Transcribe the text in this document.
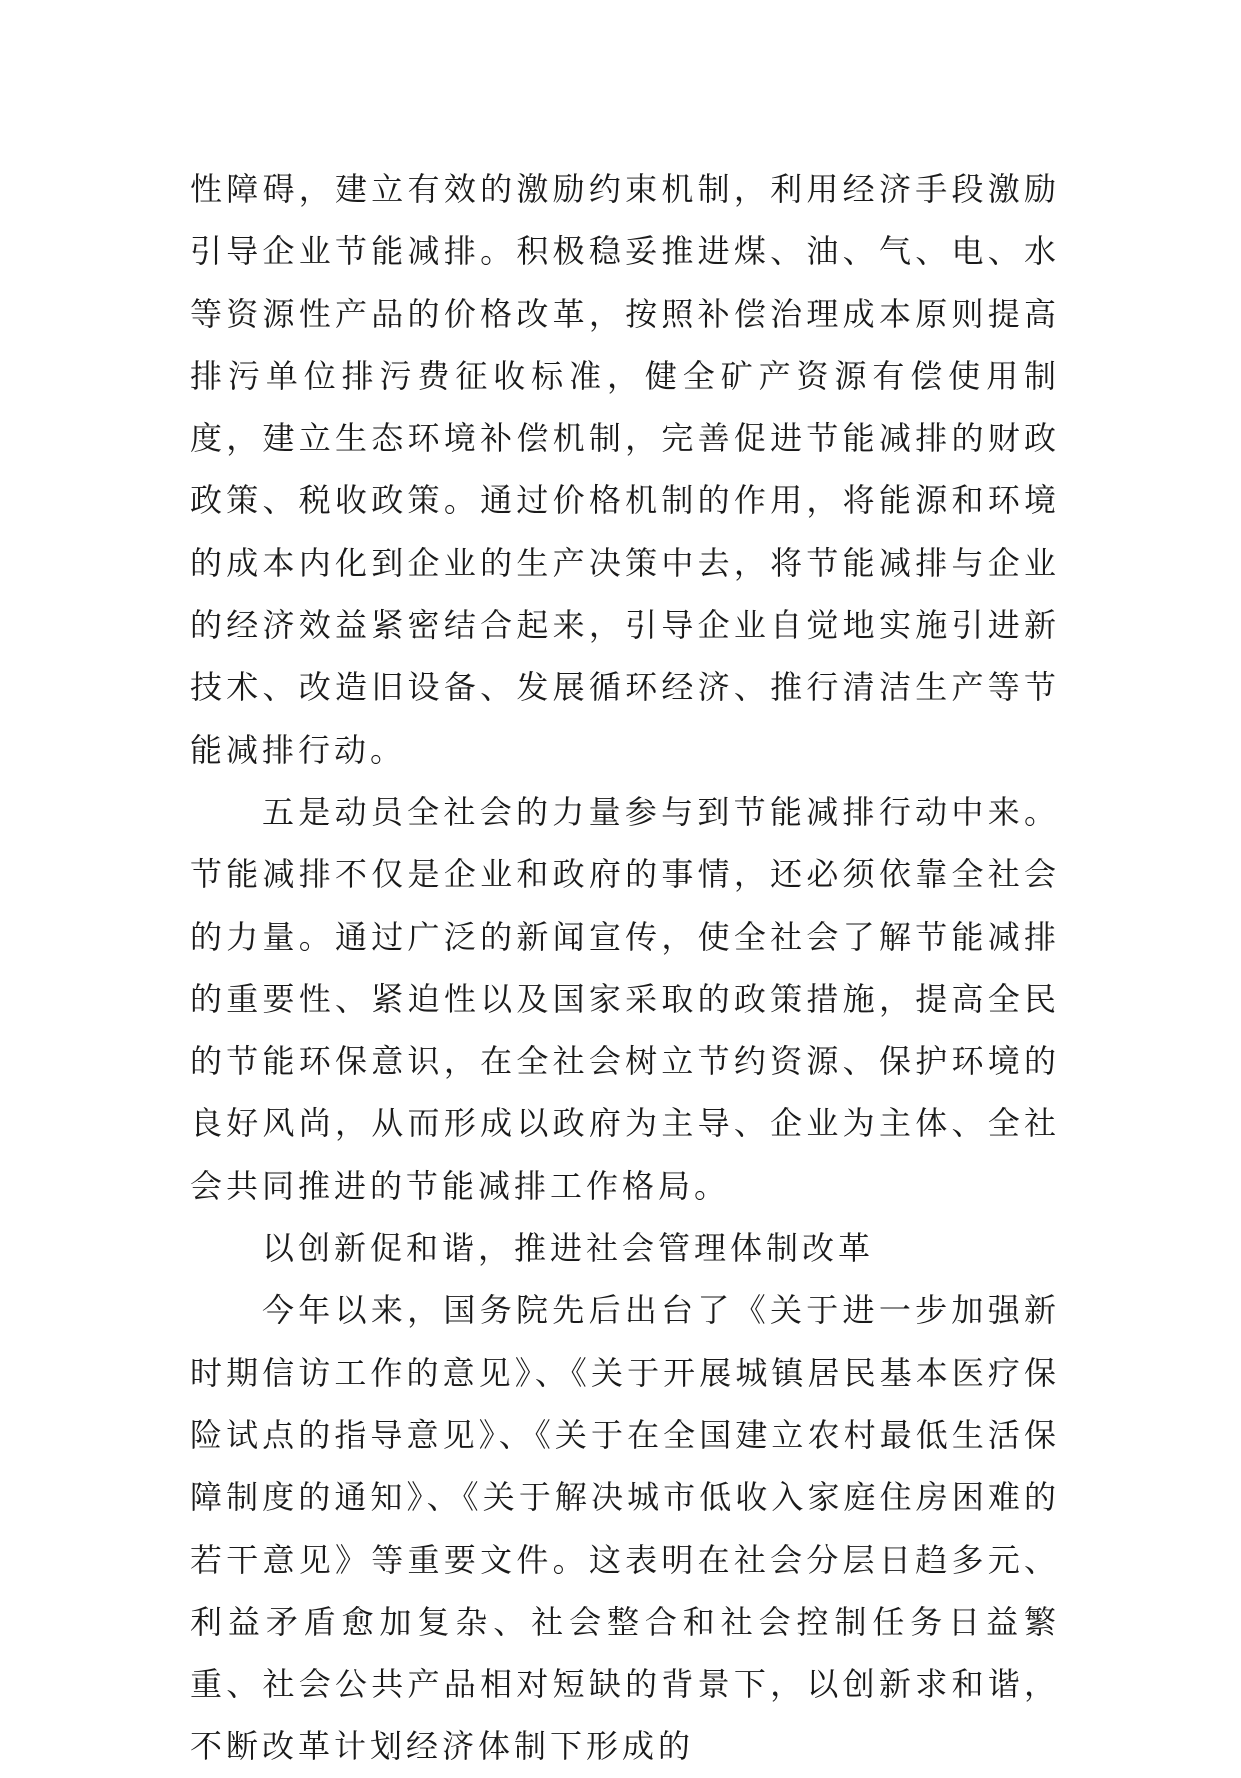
性障碍，建立有效的激励约束机制，利用经济手段激励引导企业节能减排。积极稳妥推进煤、油、气、电、水等资源性产品的价格改革，按照补偿治理成本原则提高排污单位排污费征收标准，健全矿产资源有偿使用制度，建立生态环境补偿机制，完善促进节能减排的财政政策、税收政策。通过价格机制的作用，将能源和环境的成本内化到企业的生产决策中去，将节能减排与企业的经济效益紧密结合起来，引导企业自觉地实施引进新技术、改造旧设备、发展循环经济、推行清洁生产等节能减排行动。

五是动员全社会的力量参与到节能减排行动中来。节能减排不仅是企业和政府的事情，还必须依靠全社会的力量。通过广泛的新闻宣传，使全社会了解节能减排的重要性、紧迫性以及国家采取的政策措施，提高全民的节能环保意识，在全社会树立节约资源、保护环境的良好风尚，从而形成以政府为主导、企业为主体、全社会共同推进的节能减排工作格局。

以创新促和谐，推进社会管理体制改革

今年以来，国务院先后出台了《关于进一步加强新时期信访工作的意见》、《关于开展城镇居民基本医疗保险试点的指导意见》、《关于在全国建立农村最低生活保障制度的通知》、《关于解决城市低收入家庭住房困难的若干意见》等重要文件。这表明在社会分层日趋多元、利益矛盾愈加复杂、社会整合和社会控制任务日益繁重、社会公共产品相对短缺的背景下，以创新求和谐，不断改革计划经济体制下形成的
